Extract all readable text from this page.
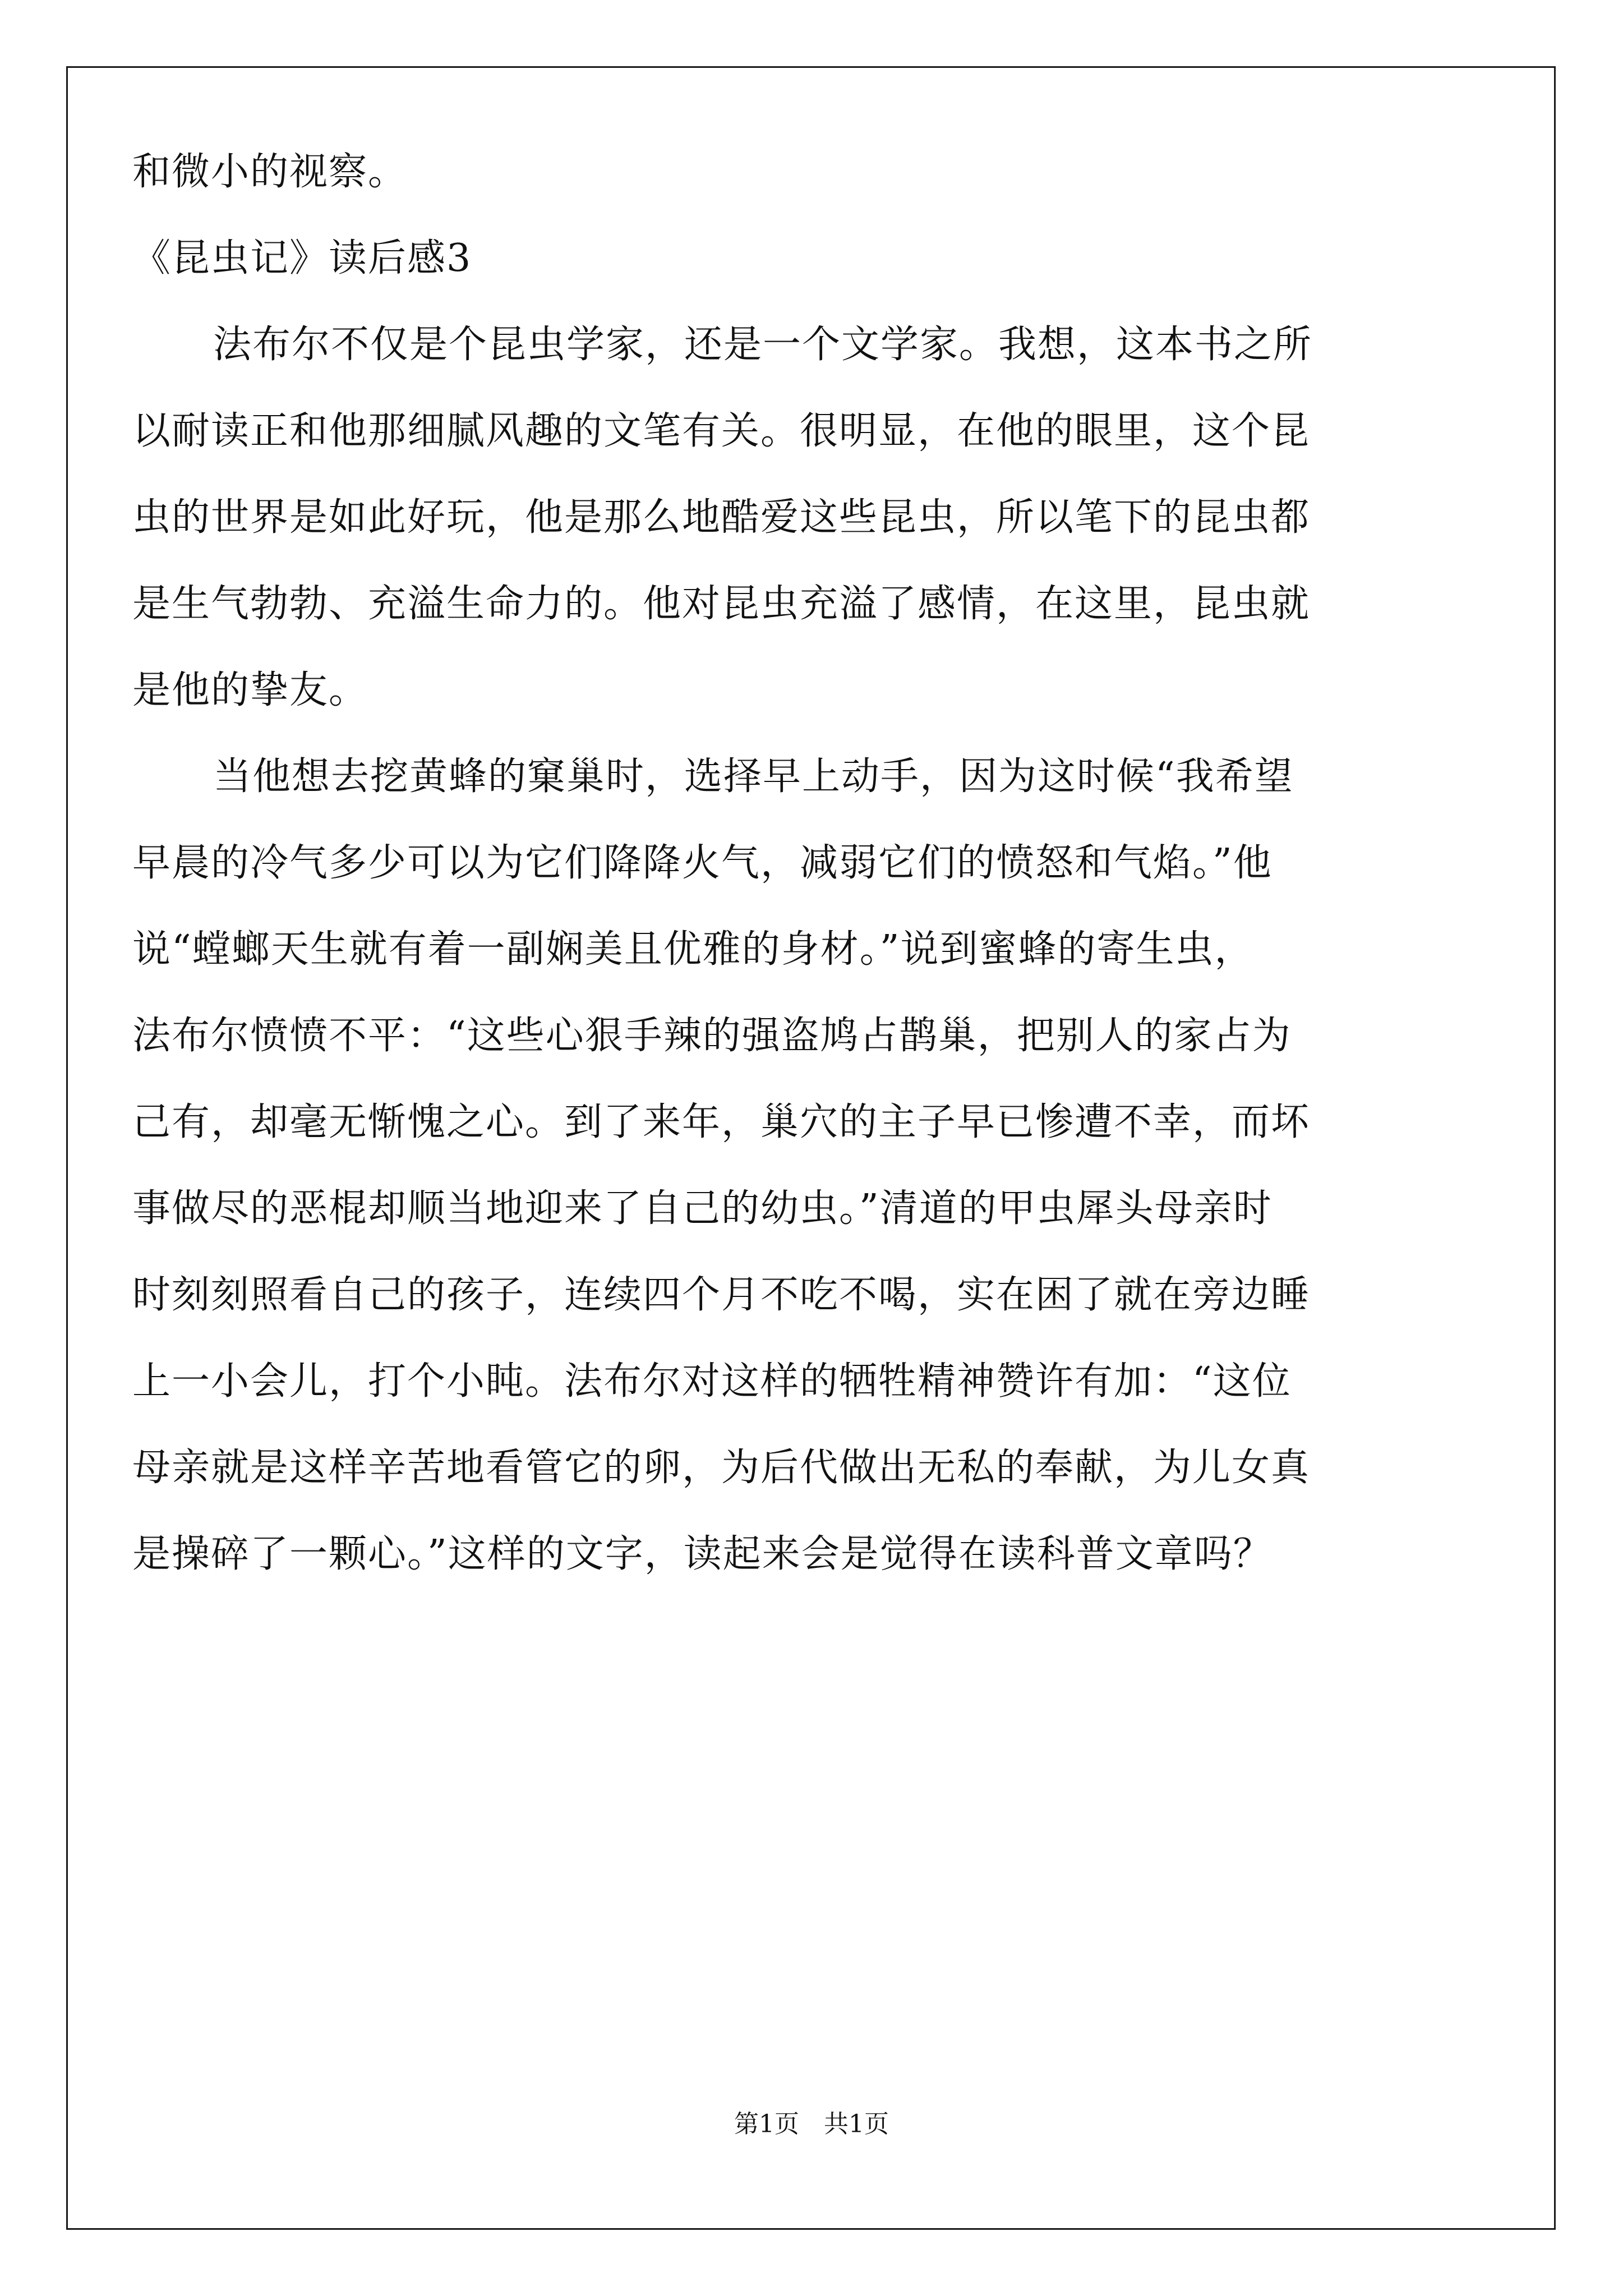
和微小的视察。

《昆虫记》读后感3

法布尔不仅是个昆虫学家，还是一个文学家。我想，这本书之所
以耐读正和他那细腻风趣的文笔有关。很明显，在他的眼里，这个昆
虫的世界是如此好玩，他是那么地酷爱这些昆虫，所以笔下的昆虫都
是生气勃勃、充溢生命力的。他对昆虫充溢了感情，在这里，昆虫就
是他的挚友。

当他想去挖黄蜂的窠巢时，选择早上动手，因为这时候“我希望
早晨的冷气多少可以为它们降降火气，减弱它们的愤怒和气焰。”他
说“螳螂天生就有着一副娴美且优雅的身材。”说到蜜蜂的寄生虫，
法布尔愤愤不平：“这些心狠手辣的强盗鸠占鹊巢，把别人的家占为
己有，却毫无惭愧之心。到了来年，巢穴的主子早已惨遭不幸，而坏
事做尽的恶棍却顺当地迎来了自己的幼虫。”清道的甲虫犀头母亲时
时刻刻照看自己的孩子，连续四个月不吃不喝，实在困了就在旁边睡
上一小会儿，打个小盹。法布尔对这样的牺牲精神赞许有加：“这位
母亲就是这样辛苦地看管它的卵，为后代做出无私的奉献，为儿女真
是操碎了一颗心。”这样的文字，读起来会是觉得在读科普文章吗？

第1页　共1页
